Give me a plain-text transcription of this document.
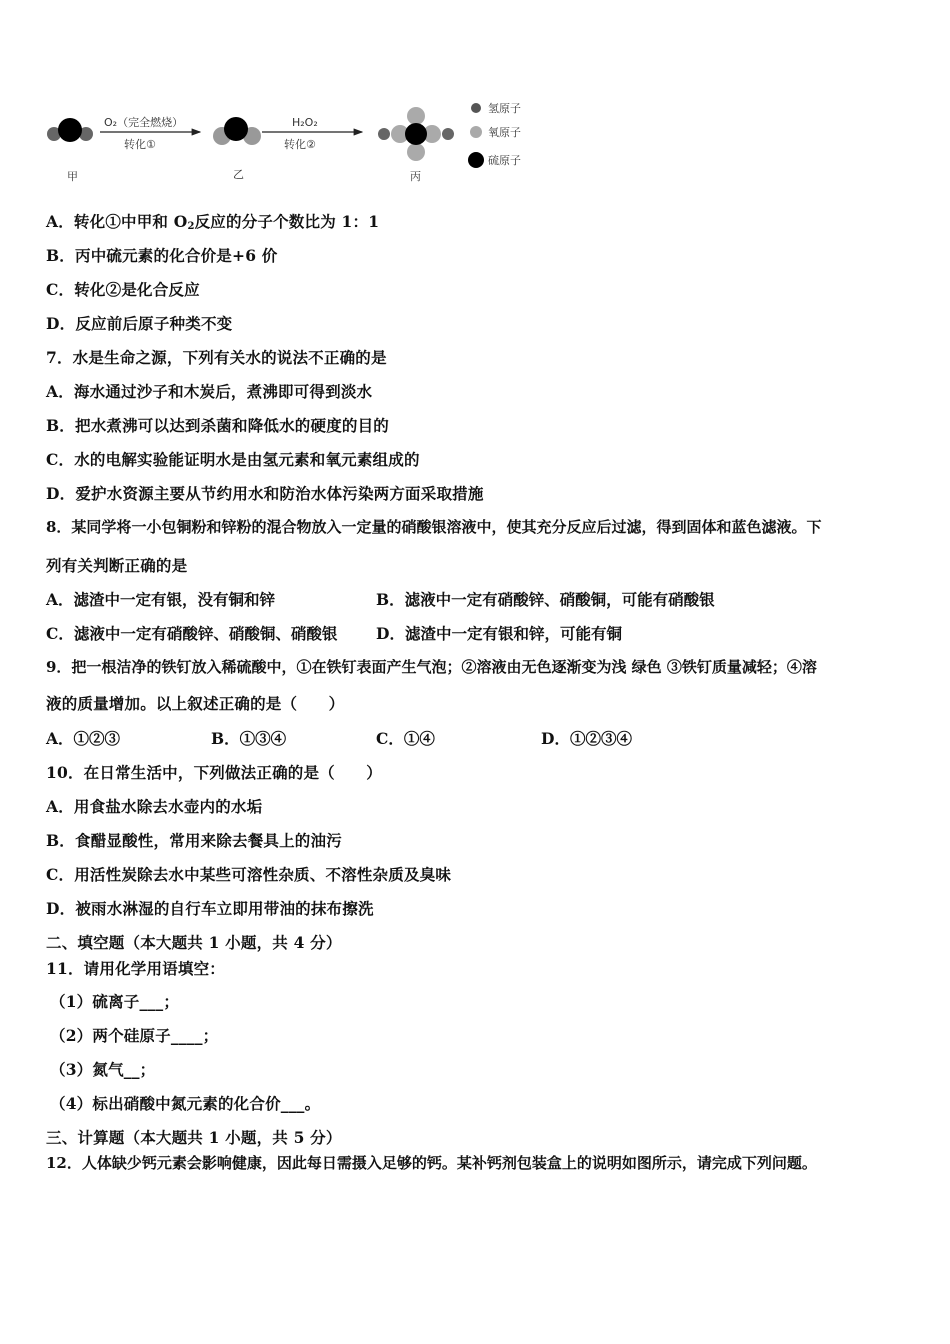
甲
O₂（完全燃烧）
转化①
乙
H₂O₂
转化②
丙
氢原子
氧原子
硫原子
A．转化①中甲和 $O_2$反应的分子个数比为 1：1
B．丙中硫元素的化合价是+6 价
C．转化②是化合反应
D．反应前后原子种类不变
7．水是生命之源，下列有关水的说法不正确的是
A．海水通过沙子和木炭后，煮沸即可得到淡水
B．把水煮沸可以达到杀菌和降低水的硬度的目的
C．水的电解实验能证明水是由氢元素和氧元素组成的
D．爱护水资源主要从节约用水和防治水体污染两方面采取措施
8．某同学将一小包铜粉和锌粉的混合物放入一定量的硝酸银溶液中，使其充分反应后过滤，得到固体和蓝色滤液。下
列有关判断正确的是
A．滤渣中一定有银，没有铜和锌	B．滤液中一定有硝酸锌、硝酸铜，可能有硝酸银
C．滤液中一定有硝酸锌、硝酸铜、硝酸银 D．滤渣中一定有银和锌，可能有铜
9．把一根洁净的铁钉放入稀硫酸中，①在铁钉表面产生气泡；②溶液由无色逐渐变为浅 绿色 ③铁钉质量减轻；④溶
液的质量增加。以上叙述正确的是（　　）
A．①②③	B．①③④	C．①④	D．①②③④
10．在日常生活中，下列做法正确的是（　　）
A．用食盐水除去水壶内的水垢
B．食醋显酸性，常用来除去餐具上的油污
C．用活性炭除去水中某些可溶性杂质、不溶性杂质及臭味
D．被雨水淋湿的自行车立即用带油的抹布擦洗
二、填空题（本大题共 1 小题，共 4 分）
11．请用化学用语填空：
（1）硫离子___；
（2）两个硅原子____；
（3）氮气__；
（4）标出硝酸中氮元素的化合价___。
三、计算题（本大题共 1 小题，共 5 分）
12．人体缺少钙元素会影响健康，因此每日需摄入足够的钙。某补钙剂包装盒上的说明如图所示，请完成下列问题。
